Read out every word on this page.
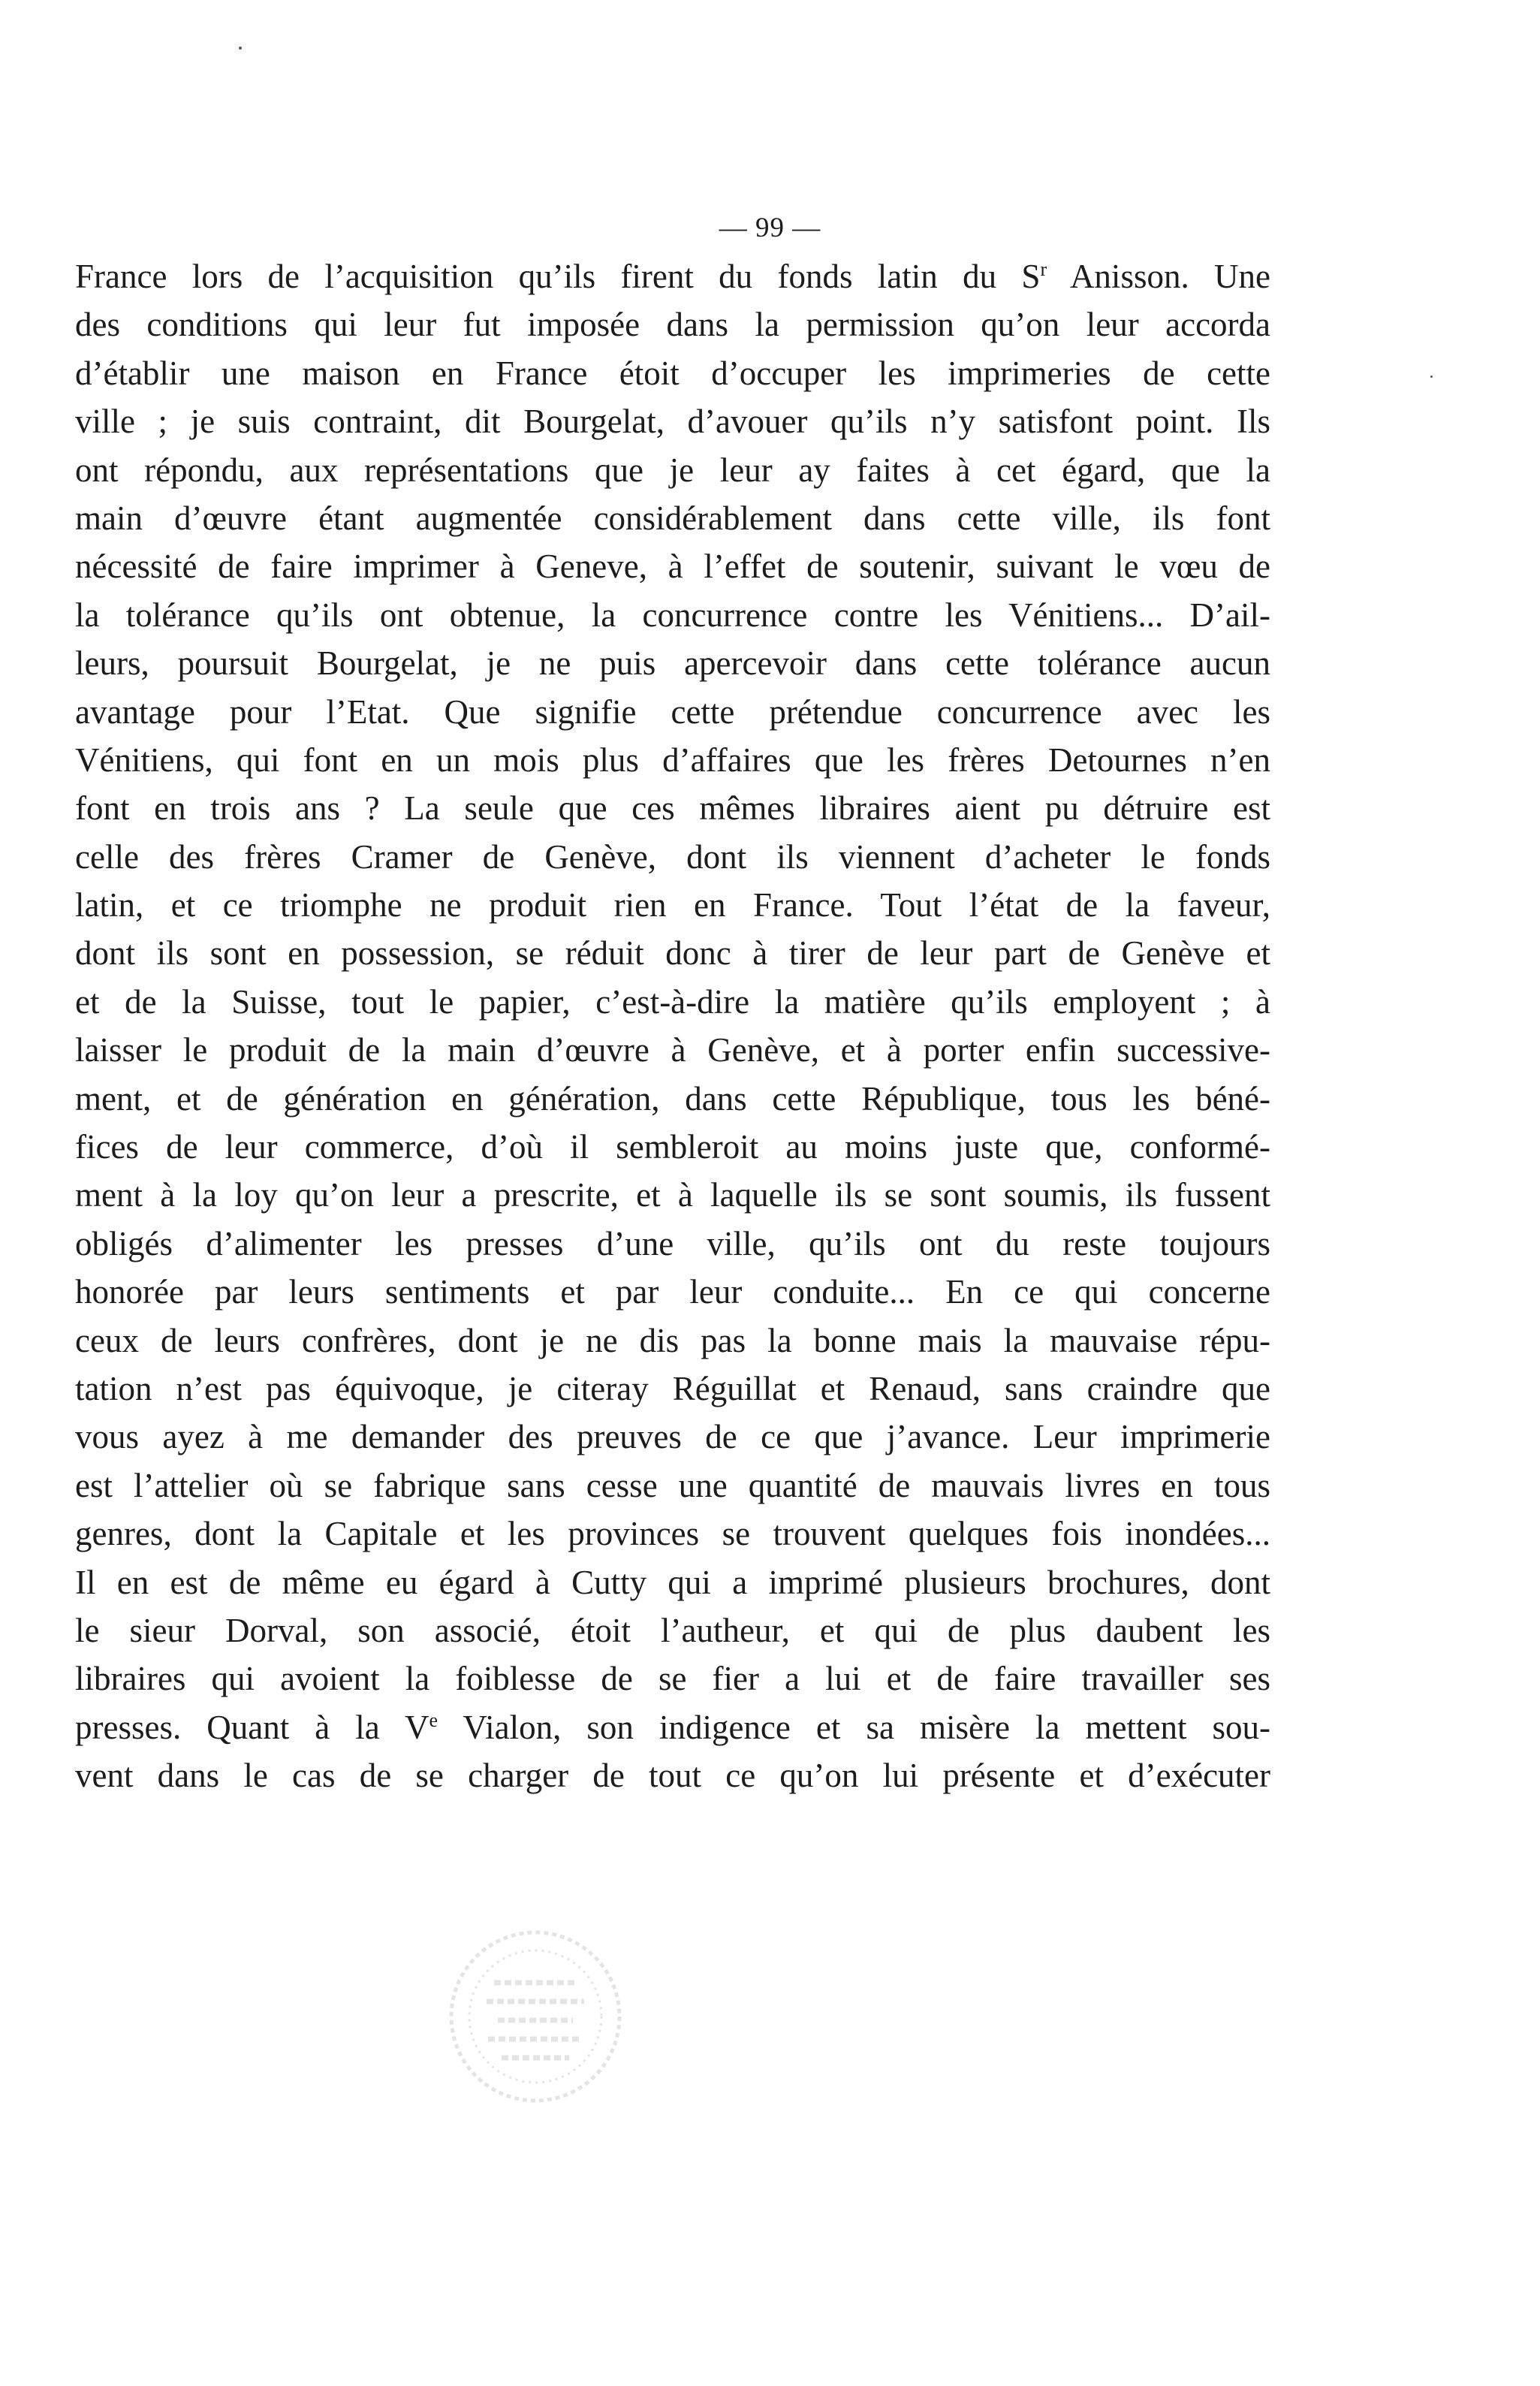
— 99 —
France lors de l’acquisition qu’ils firent du fonds latin du $S^r$ Anisson. Une
des conditions qui leur fut imposée dans la permission qu’on leur accorda
d’établir une maison en France étoit d’occuper les imprimeries de cette
ville ; je suis contraint, dit Bourgelat, d’avouer qu’ils n’y satisfont point. Ils
ont répondu, aux représentations que je leur ay faites à cet égard, que la
main d’œuvre étant augmentée considérablement dans cette ville, ils font
nécessité de faire imprimer à Geneve, à l’effet de soutenir, suivant le vœu de
la tolérance qu’ils ont obtenue, la concurrence contre les Vénitiens... D’ail-
leurs, poursuit Bourgelat, je ne puis apercevoir dans cette tolérance aucun
avantage pour l’Etat. Que signifie cette prétendue concurrence avec les
Vénitiens, qui font en un mois plus d’affaires que les frères Detournes n’en
font en trois ans ? La seule que ces mêmes libraires aient pu détruire est
celle des frères Cramer de Genève, dont ils viennent d’acheter le fonds
latin, et ce triomphe ne produit rien en France. Tout l’état de la faveur,
dont ils sont en possession, se réduit donc à tirer de leur part de Genève et
et de la Suisse, tout le papier, c’est-à-dire la matière qu’ils employent ; à
laisser le produit de la main d’œuvre à Genève, et à porter enfin successive-
ment, et de génération en génération, dans cette République, tous les béné-
fices de leur commerce, d’où il sembleroit au moins juste que, conformé-
ment à la loy qu’on leur a prescrite, et à laquelle ils se sont soumis, ils fussent
obligés d’alimenter les presses d’une ville, qu’ils ont du reste toujours
honorée par leurs sentiments et par leur conduite... En ce qui concerne
ceux de leurs confrères, dont je ne dis pas la bonne mais la mauvaise répu-
tation n’est pas équivoque, je citeray Réguillat et Renaud, sans craindre que
vous ayez à me demander des preuves de ce que j’avance. Leur imprimerie
est l’attelier où se fabrique sans cesse une quantité de mauvais livres en tous
genres, dont la Capitale et les provinces se trouvent quelques fois inondées...
Il en est de même eu égard à Cutty qui a imprimé plusieurs brochures, dont
le sieur Dorval, son associé, étoit l’autheur, et qui de plus daubent les
libraires qui avoient la foiblesse de se fier a lui et de faire travailler ses
presses. Quant à la Ve Vialon, son indigence et sa misère la mettent sou-
vent dans le cas de se charger de tout ce qu’on lui présente et d’exécuter
